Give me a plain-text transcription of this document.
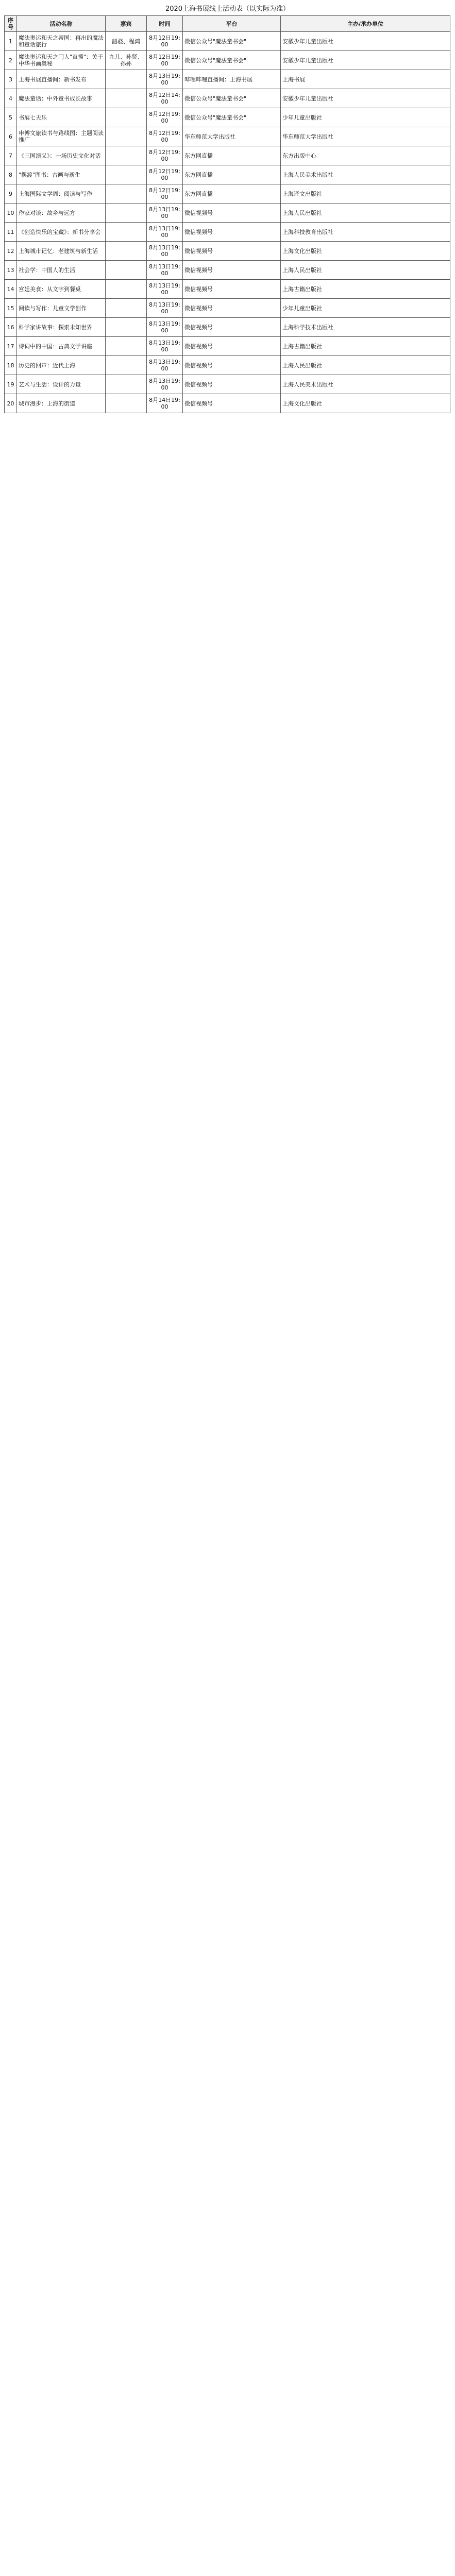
2020上海书展线上活动表（以实际为准）
序号	活动名称	嘉宾	时间	平台	主办/承办单位
1	魔法奥运和天之蒂国：再出的魔法和童话旅行	韶骁、程鸿	8月12日19:00	微信公众号"魔法童书会"	安徽少年儿童出版社
2	魔法奥运和天之门人"直播"：关于中华书画奥秘	九儿、孙贤、孙孙	8月12日19:00	微信公众号"魔法童书会"	安徽少年儿童出版社
3	上海书展直播间：新书发布		8月13日19:00	哔哩哔哩直播间：上海书展	上海书展
4	魔法童话：中外童书成长故事		8月12日14:00	微信公众号"魔法童书会"	安徽少年儿童出版社
5	书展七天乐		8月12日19:00	微信公众号"魔法童书会"	少年儿童出版社
6	申博文旅读书与路线图：主题阅读推广		8月12日19:00	华东师范大学出版社	华东师范大学出版社
7	《三国演义》：一场历史文化对话		8月12日19:00	东方网直播	东方出版中心
8	"摆渡"图书：古画与新生		8月12日19:00	东方网直播	上海人民美术出版社
9	上海国际文学周：阅读与写作		8月12日19:00	东方网直播	上海译文出版社
10	作家对谈：故乡与远方		8月13日19:00	微信视频号	上海人民出版社
11	《创造快乐的宝藏》：新书分享会		8月13日19:00	微信视频号	上海科技教育出版社
12	上海城市记忆：老建筑与新生活		8月13日19:00	微信视频号	上海文化出版社
13	社会学：中国人的生活		8月13日19:00	微信视频号	上海人民出版社
14	宫廷美食：从文字到餐桌		8月13日19:00	微信视频号	上海古籍出版社
15	阅读与写作：儿童文学创作		8月13日19:00	微信视频号	少年儿童出版社
16	科学家讲故事：探索未知世界		8月13日19:00	微信视频号	上海科学技术出版社
17	诗词中的中国：古典文学讲座		8月13日19:00	微信视频号	上海古籍出版社
18	历史的回声：近代上海		8月13日19:00	微信视频号	上海人民出版社
19	艺术与生活：设计的力量		8月13日19:00	微信视频号	上海人民美术出版社
20	城市漫步：上海的街道		8月14日19:00	微信视频号	上海文化出版社
